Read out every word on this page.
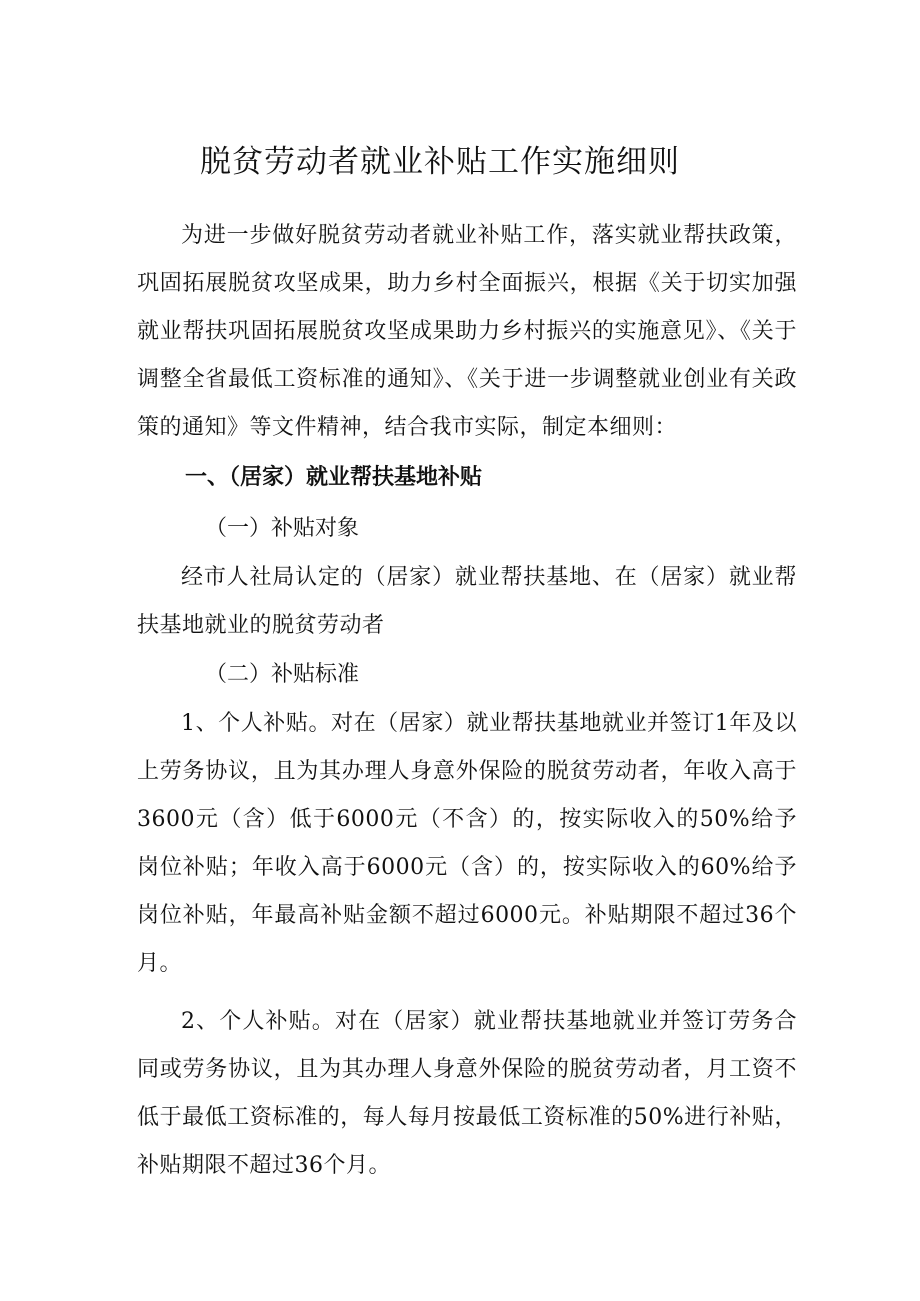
脱贫劳动者就业补贴工作实施细则

为进一步做好脱贫劳动者就业补贴工作，落实就业帮扶政策，巩固拓展脱贫攻坚成果，助力乡村全面振兴，根据《关于切实加强就业帮扶巩固拓展脱贫攻坚成果助力乡村振兴的实施意见》、《关于调整全省最低工资标准的通知》、《关于进一步调整就业创业有关政策的通知》等文件精神，结合我市实际，制定本细则：

一、（居家）就业帮扶基地补贴

（一）补贴对象

经市人社局认定的（居家）就业帮扶基地、在（居家）就业帮扶基地就业的脱贫劳动者

（二）补贴标准

1、个人补贴。对在（居家）就业帮扶基地就业并签订1年及以上劳务协议，且为其办理人身意外保险的脱贫劳动者，年收入高于3600元（含）低于6000元（不含）的，按实际收入的50%给予岗位补贴；年收入高于6000元（含）的，按实际收入的60%给予岗位补贴，年最高补贴金额不超过6000元。补贴期限不超过36个月。

2、个人补贴。对在（居家）就业帮扶基地就业并签订劳务合同或劳务协议，且为其办理人身意外保险的脱贫劳动者，月工资不低于最低工资标准的，每人每月按最低工资标准的50%进行补贴，补贴期限不超过36个月。
